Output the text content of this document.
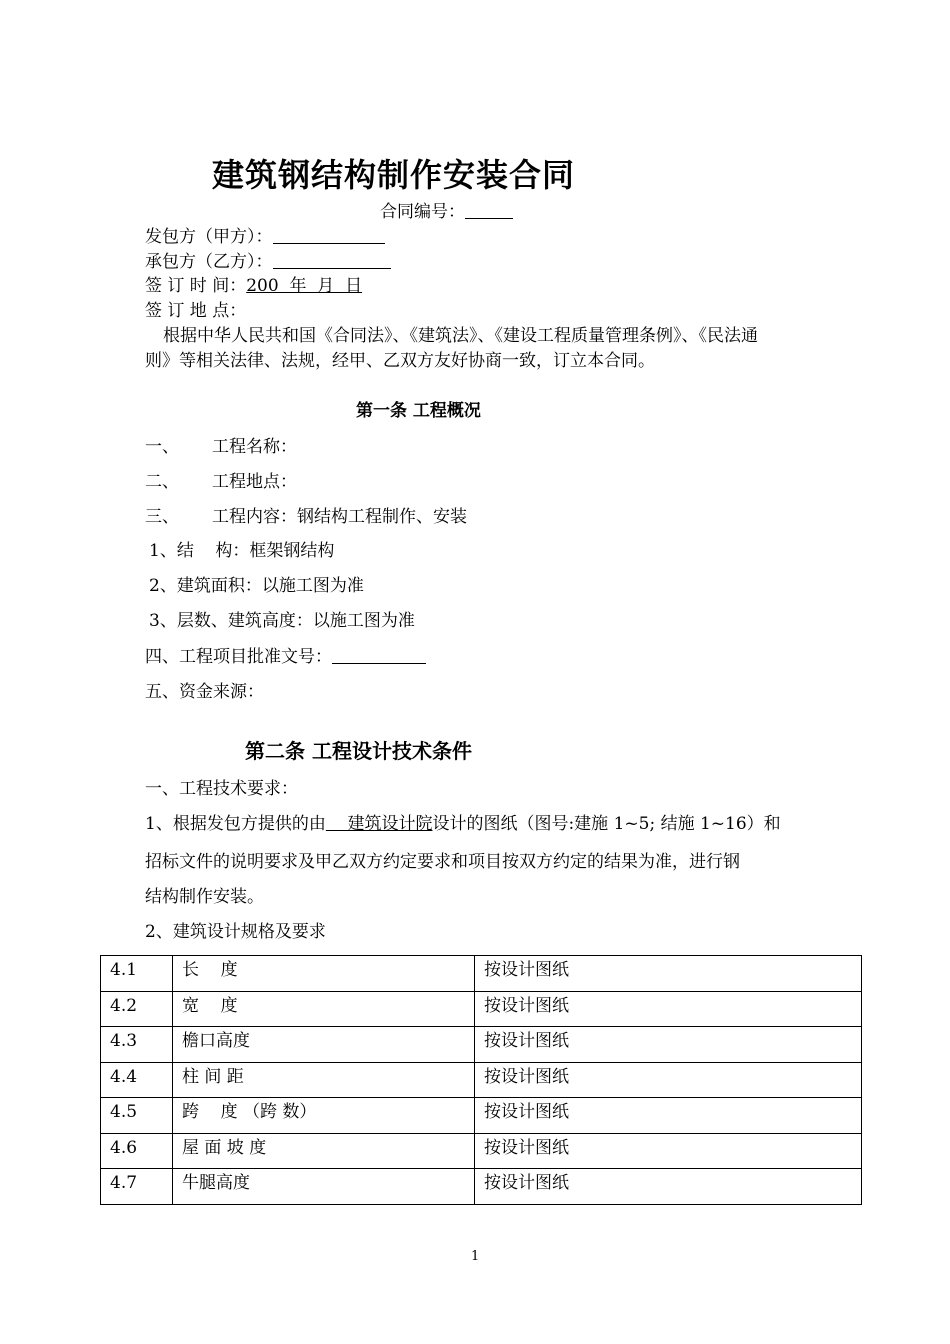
建筑钢结构制作安装合同
合同编号：
发包方（甲方）：
承包方（乙方）：
签 订 时 间：200  年  月  日
签 订 地 点：
根据中华人民共和国《合同法》、《建筑法》、《建设工程质量管理条例》、《民法通
则》等相关法律、法规，经甲、乙双方友好协商一致，订立本合同。
第一条 工程概况
一、 工程名称：
二、 工程地点：
三、 工程内容：钢结构工程制作、安装
1、结    构：框架钢结构
2、建筑面积：以施工图为准
3、层数、建筑高度：以施工图为准
四、工程项目批准文号：
五、资金来源：
第二条 工程设计技术条件
一、工程技术要求：
1、根据发包方提供的由    建筑设计院设计的图纸（图号:建施 1~5; 结施 1~16）和
招标文件的说明要求及甲乙双方约定要求和项目按双方约定的结果为准，进行钢
结构制作安装。
2、建筑设计规格及要求
4.1	长    度	按设计图纸
4.2	宽    度	按设计图纸
4.3	檐口高度	按设计图纸
4.4	柱 间 距	按设计图纸
4.5	跨    度 （跨 数）	按设计图纸
4.6	屋 面 坡 度	按设计图纸
4.7	牛腿高度	按设计图纸
1
